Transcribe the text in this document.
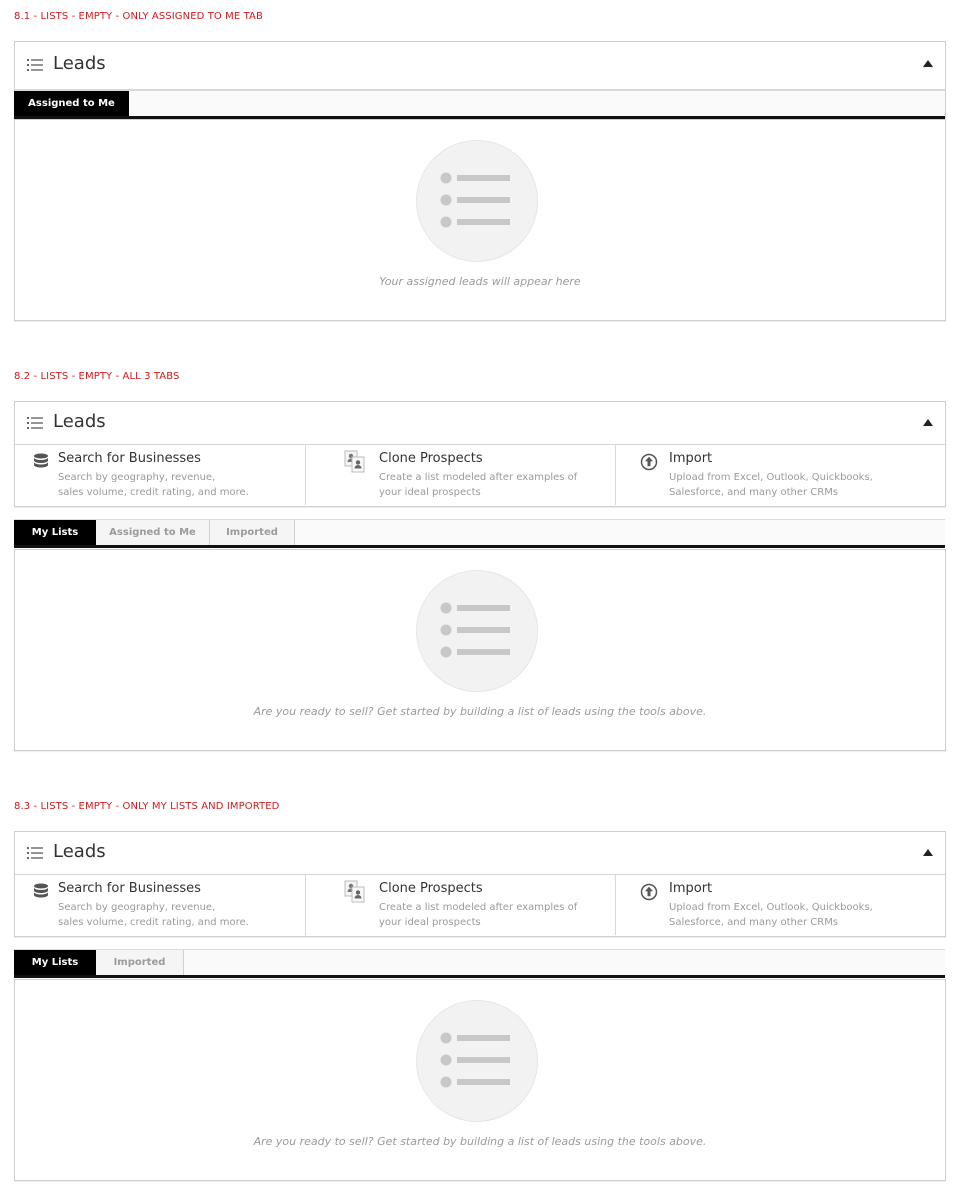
8.1 - LISTS - EMPTY - ONLY ASSIGNED TO ME TAB
Leads
Assigned to Me
Your assigned leads will appear here
8.2 - LISTS - EMPTY - ALL 3 TABS
Leads
Search for Businesses
Search by geography, revenue,
sales volume, credit rating, and more.
Clone Prospects
Create a list modeled after examples of
your ideal prospects
Import
Upload from Excel, Outlook, Quickbooks,
Salesforce, and many other CRMs
My Lists	Assigned to Me	Imported
Are you ready to sell? Get started by building a list of leads using the tools above.
8.3 - LISTS - EMPTY - ONLY MY LISTS AND IMPORTED
Leads
Search for Businesses
Search by geography, revenue,
sales volume, credit rating, and more.
Clone Prospects
Create a list modeled after examples of
your ideal prospects
Import
Upload from Excel, Outlook, Quickbooks,
Salesforce, and many other CRMs
My Lists	Imported
Are you ready to sell? Get started by building a list of leads using the tools above.
